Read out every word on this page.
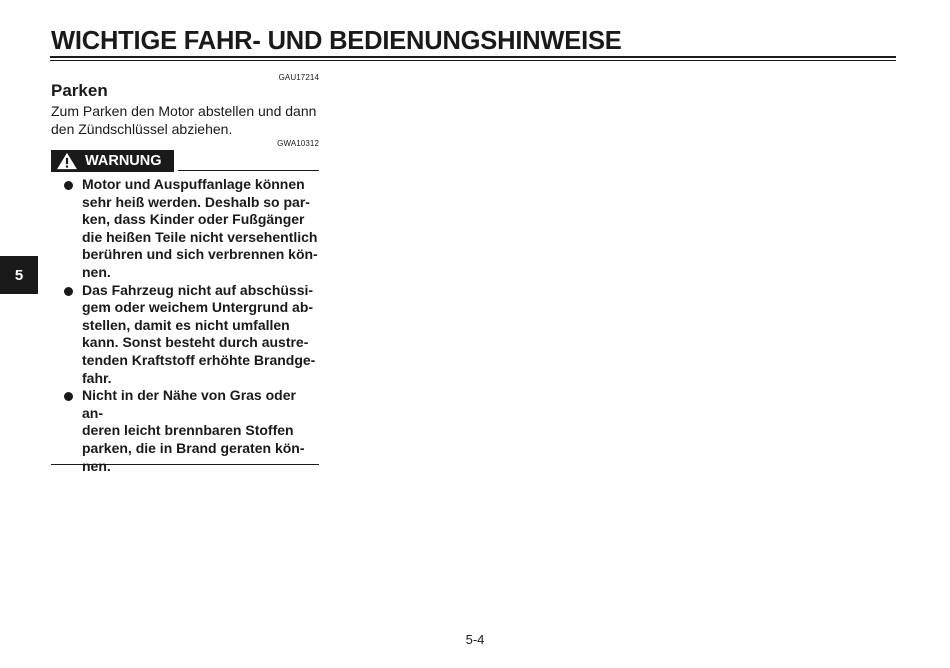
WICHTIGE FAHR- UND BEDIENUNGSHINWEISE
5
GAU17214
Parken

Zum Parken den Motor abstellen und dann
den Zündschlüssel abziehen.

GWA10312
WARNUNG
Motor und Auspuffanlage können
sehr heiß werden. Deshalb so par-
ken, dass Kinder oder Fußgänger
die heißen Teile nicht versehentlich
berühren und sich verbrennen kön-
nen.
Das Fahrzeug nicht auf abschüssi-
gem oder weichem Untergrund ab-
stellen, damit es nicht umfallen
kann. Sonst besteht durch austre-
tenden Kraftstoff erhöhte Brandge-
fahr.
Nicht in der Nähe von Gras oder an-
deren leicht brennbaren Stoffen
parken, die in Brand geraten kön-
nen.
5-4
